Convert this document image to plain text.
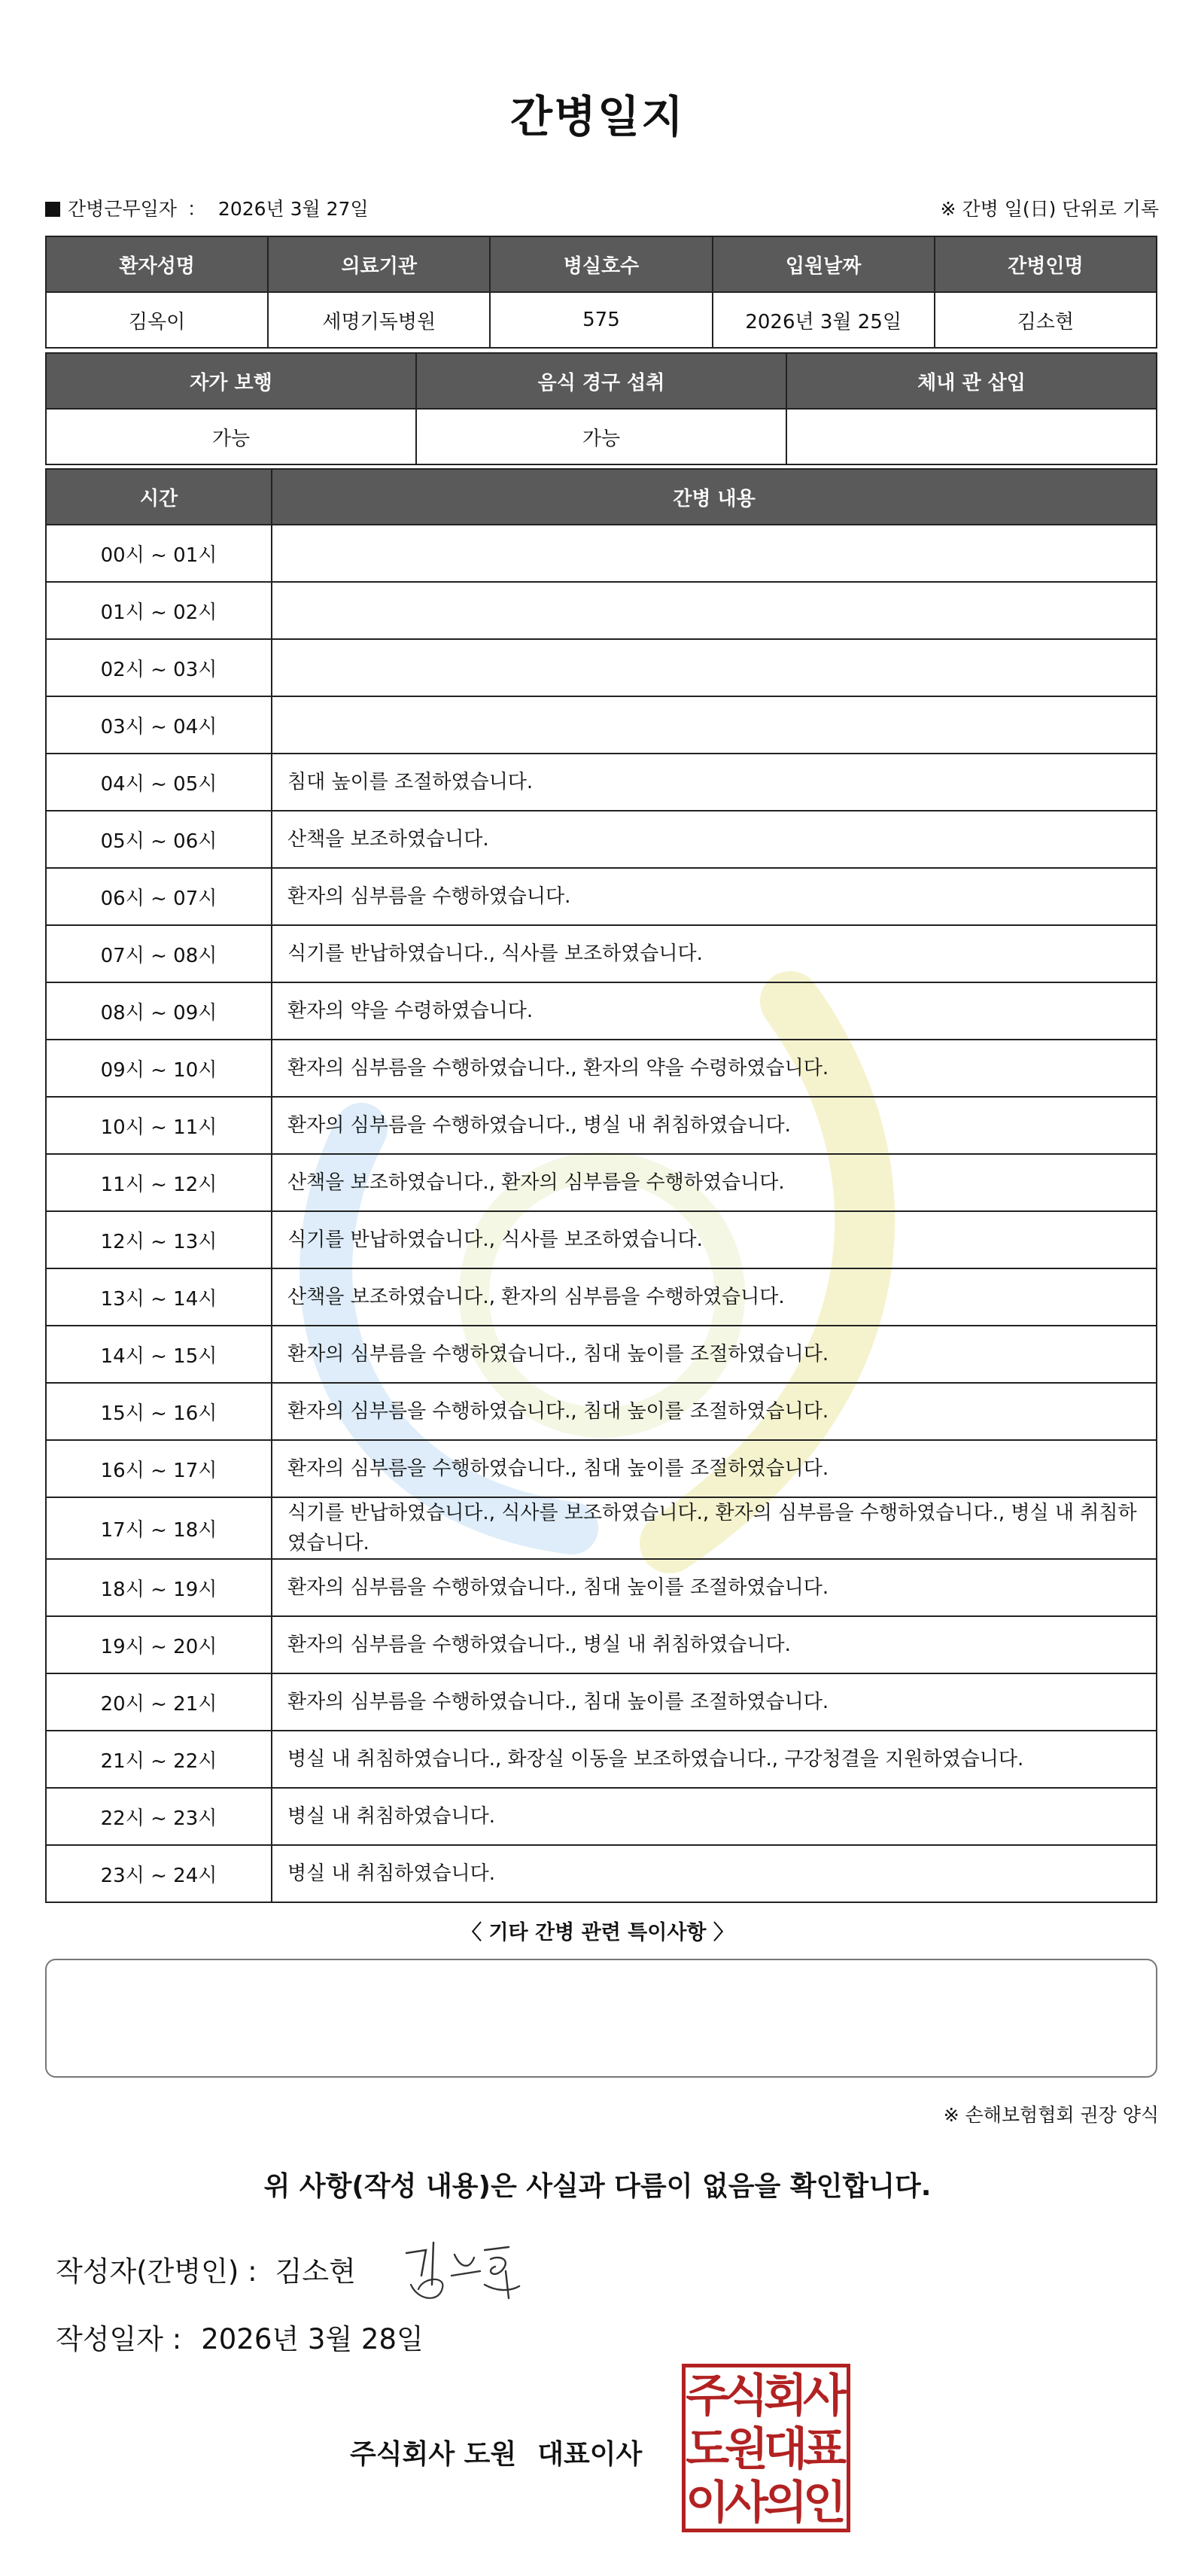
간병일지
간병근무일자 ： 2026년 3월 27일	※ 간병 일(日) 단위로 기록
환자성명	의료기관	병실호수	입원날짜	간병인명
김옥이	세명기독병원	575	2026년 3월 25일	김소현
자가 보행	음식 경구 섭취	체내 관 삽입
가능	가능	
시간	간병 내용
00시 ~ 01시	
01시 ~ 02시	
02시 ~ 03시	
03시 ~ 04시	
04시 ~ 05시	침대 높이를 조절하였습니다.
05시 ~ 06시	산책을 보조하였습니다.
06시 ~ 07시	환자의 심부름을 수행하였습니다.
07시 ~ 08시	식기를 반납하였습니다., 식사를 보조하였습니다.
08시 ~ 09시	환자의 약을 수령하였습니다.
09시 ~ 10시	환자의 심부름을 수행하였습니다., 환자의 약을 수령하였습니다.
10시 ~ 11시	환자의 심부름을 수행하였습니다., 병실 내 취침하였습니다.
11시 ~ 12시	산책을 보조하였습니다., 환자의 심부름을 수행하였습니다.
12시 ~ 13시	식기를 반납하였습니다., 식사를 보조하였습니다.
13시 ~ 14시	산책을 보조하였습니다., 환자의 심부름을 수행하였습니다.
14시 ~ 15시	환자의 심부름을 수행하였습니다., 침대 높이를 조절하였습니다.
15시 ~ 16시	환자의 심부름을 수행하였습니다., 침대 높이를 조절하였습니다.
16시 ~ 17시	환자의 심부름을 수행하였습니다., 침대 높이를 조절하였습니다.
17시 ~ 18시	식기를 반납하였습니다., 식사를 보조하였습니다., 환자의 심부름을 수행하였습니다., 병실 내 취침하였습니다.
18시 ~ 19시	환자의 심부름을 수행하였습니다., 침대 높이를 조절하였습니다.
19시 ~ 20시	환자의 심부름을 수행하였습니다., 병실 내 취침하였습니다.
20시 ~ 21시	환자의 심부름을 수행하였습니다., 침대 높이를 조절하였습니다.
21시 ~ 22시	병실 내 취침하였습니다., 화장실 이동을 보조하였습니다., 구강청결을 지원하였습니다.
22시 ~ 23시	병실 내 취침하였습니다.
23시 ~ 24시	병실 내 취침하였습니다.
〈 기타 간병 관련 특이사항 〉
※ 손해보험협회 권장 양식
위 사항(작성 내용)은 사실과 다름이 없음을 확인합니다.
작성자(간병인) : 김소현
작성일자 : 2026년 3월 28일
주식회사 도원 대표이사
주식회사도원대표이사의인
